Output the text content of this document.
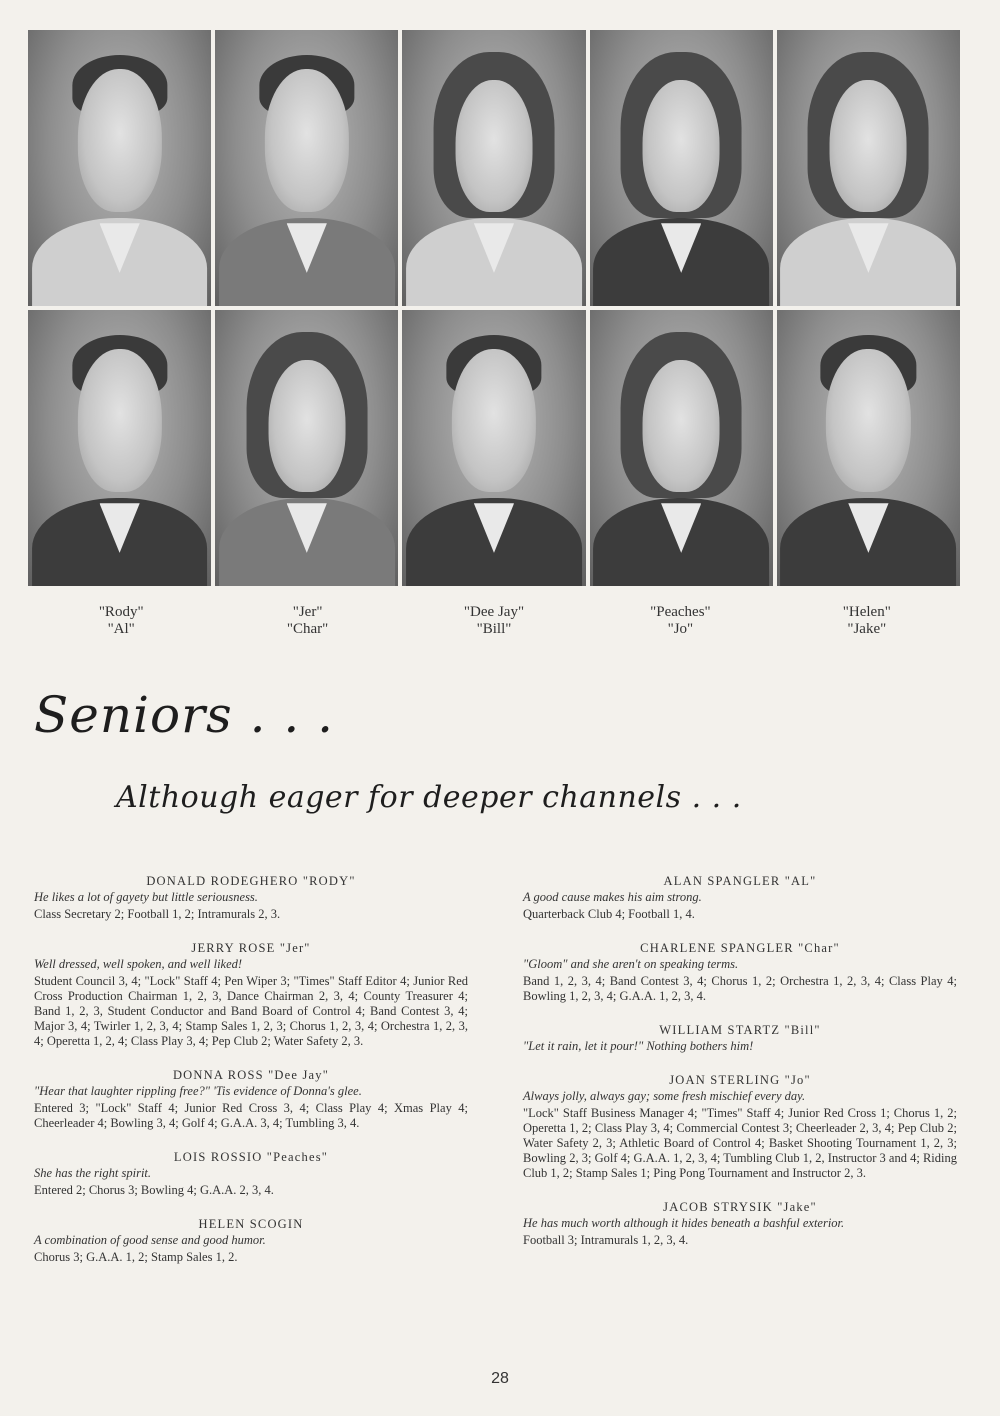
"Rody"
"Al"
"Jer"
"Char"
"Dee Jay"
"Bill"
"Peaches"
"Jo"
"Helen"
"Jake"
Seniors . . .
Although eager for deeper channels . . .
DONALD RODEGHERO "RODY"
He likes a lot of gayety but little seriousness.
Class Secretary 2; Football 1, 2; Intramurals 2, 3.
JERRY ROSE "Jer"
Well dressed, well spoken, and well liked!
Student Council 3, 4; "Lock" Staff 4; Pen Wiper 3; "Times" Staff Editor 4; Junior Red Cross Production Chairman 1, 2, 3, Dance Chairman 2, 3, 4; County Treasurer 4; Band 1, 2, 3, Student Conductor and Band Board of Control 4; Band Contest 3, 4; Major 3, 4; Twirler 1, 2, 3, 4; Stamp Sales 1, 2, 3; Chorus 1, 2, 3, 4; Orchestra 1, 2, 3, 4; Operetta 1, 2, 4; Class Play 3, 4; Pep Club 2; Water Safety 2, 3.
DONNA ROSS "Dee Jay"
"Hear that laughter rippling free?" 'Tis evidence of Donna's glee.
Entered 3; "Lock" Staff 4; Junior Red Cross 3, 4; Class Play 4; Xmas Play 4; Cheerleader 4; Bowling 3, 4; Golf 4; G.A.A. 3, 4; Tumbling 3, 4.
LOIS ROSSIO "Peaches"
She has the right spirit.
Entered 2; Chorus 3; Bowling 4; G.A.A. 2, 3, 4.
HELEN SCOGIN
A combination of good sense and good humor.
Chorus 3; G.A.A. 1, 2; Stamp Sales 1, 2.
ALAN SPANGLER "AL"
A good cause makes his aim strong.
Quarterback Club 4; Football 1, 4.
CHARLENE SPANGLER "Char"
"Gloom" and she aren't on speaking terms.
Band 1, 2, 3, 4; Band Contest 3, 4; Chorus 1, 2; Orchestra 1, 2, 3, 4; Class Play 4; Bowling 1, 2, 3, 4; G.A.A. 1, 2, 3, 4.
WILLIAM STARTZ "Bill"
"Let it rain, let it pour!" Nothing bothers him!
JOAN STERLING "Jo"
Always jolly, always gay; some fresh mischief every day.
"Lock" Staff Business Manager 4; "Times" Staff 4; Junior Red Cross 1; Chorus 1, 2; Operetta 1, 2; Class Play 3, 4; Commercial Contest 3; Cheerleader 2, 3, 4; Pep Club 2; Water Safety 2, 3; Athletic Board of Control 4; Basket Shooting Tournament 1, 2, 3; Bowling 2, 3; Golf 4; G.A.A. 1, 2, 3, 4; Tumbling Club 1, 2, Instructor 3 and 4; Riding Club 1, 2; Stamp Sales 1; Ping Pong Tournament and Instructor 2, 3.
JACOB STRYSIK "Jake"
He has much worth although it hides beneath a bashful exterior.
Football 3; Intramurals 1, 2, 3, 4.
28
